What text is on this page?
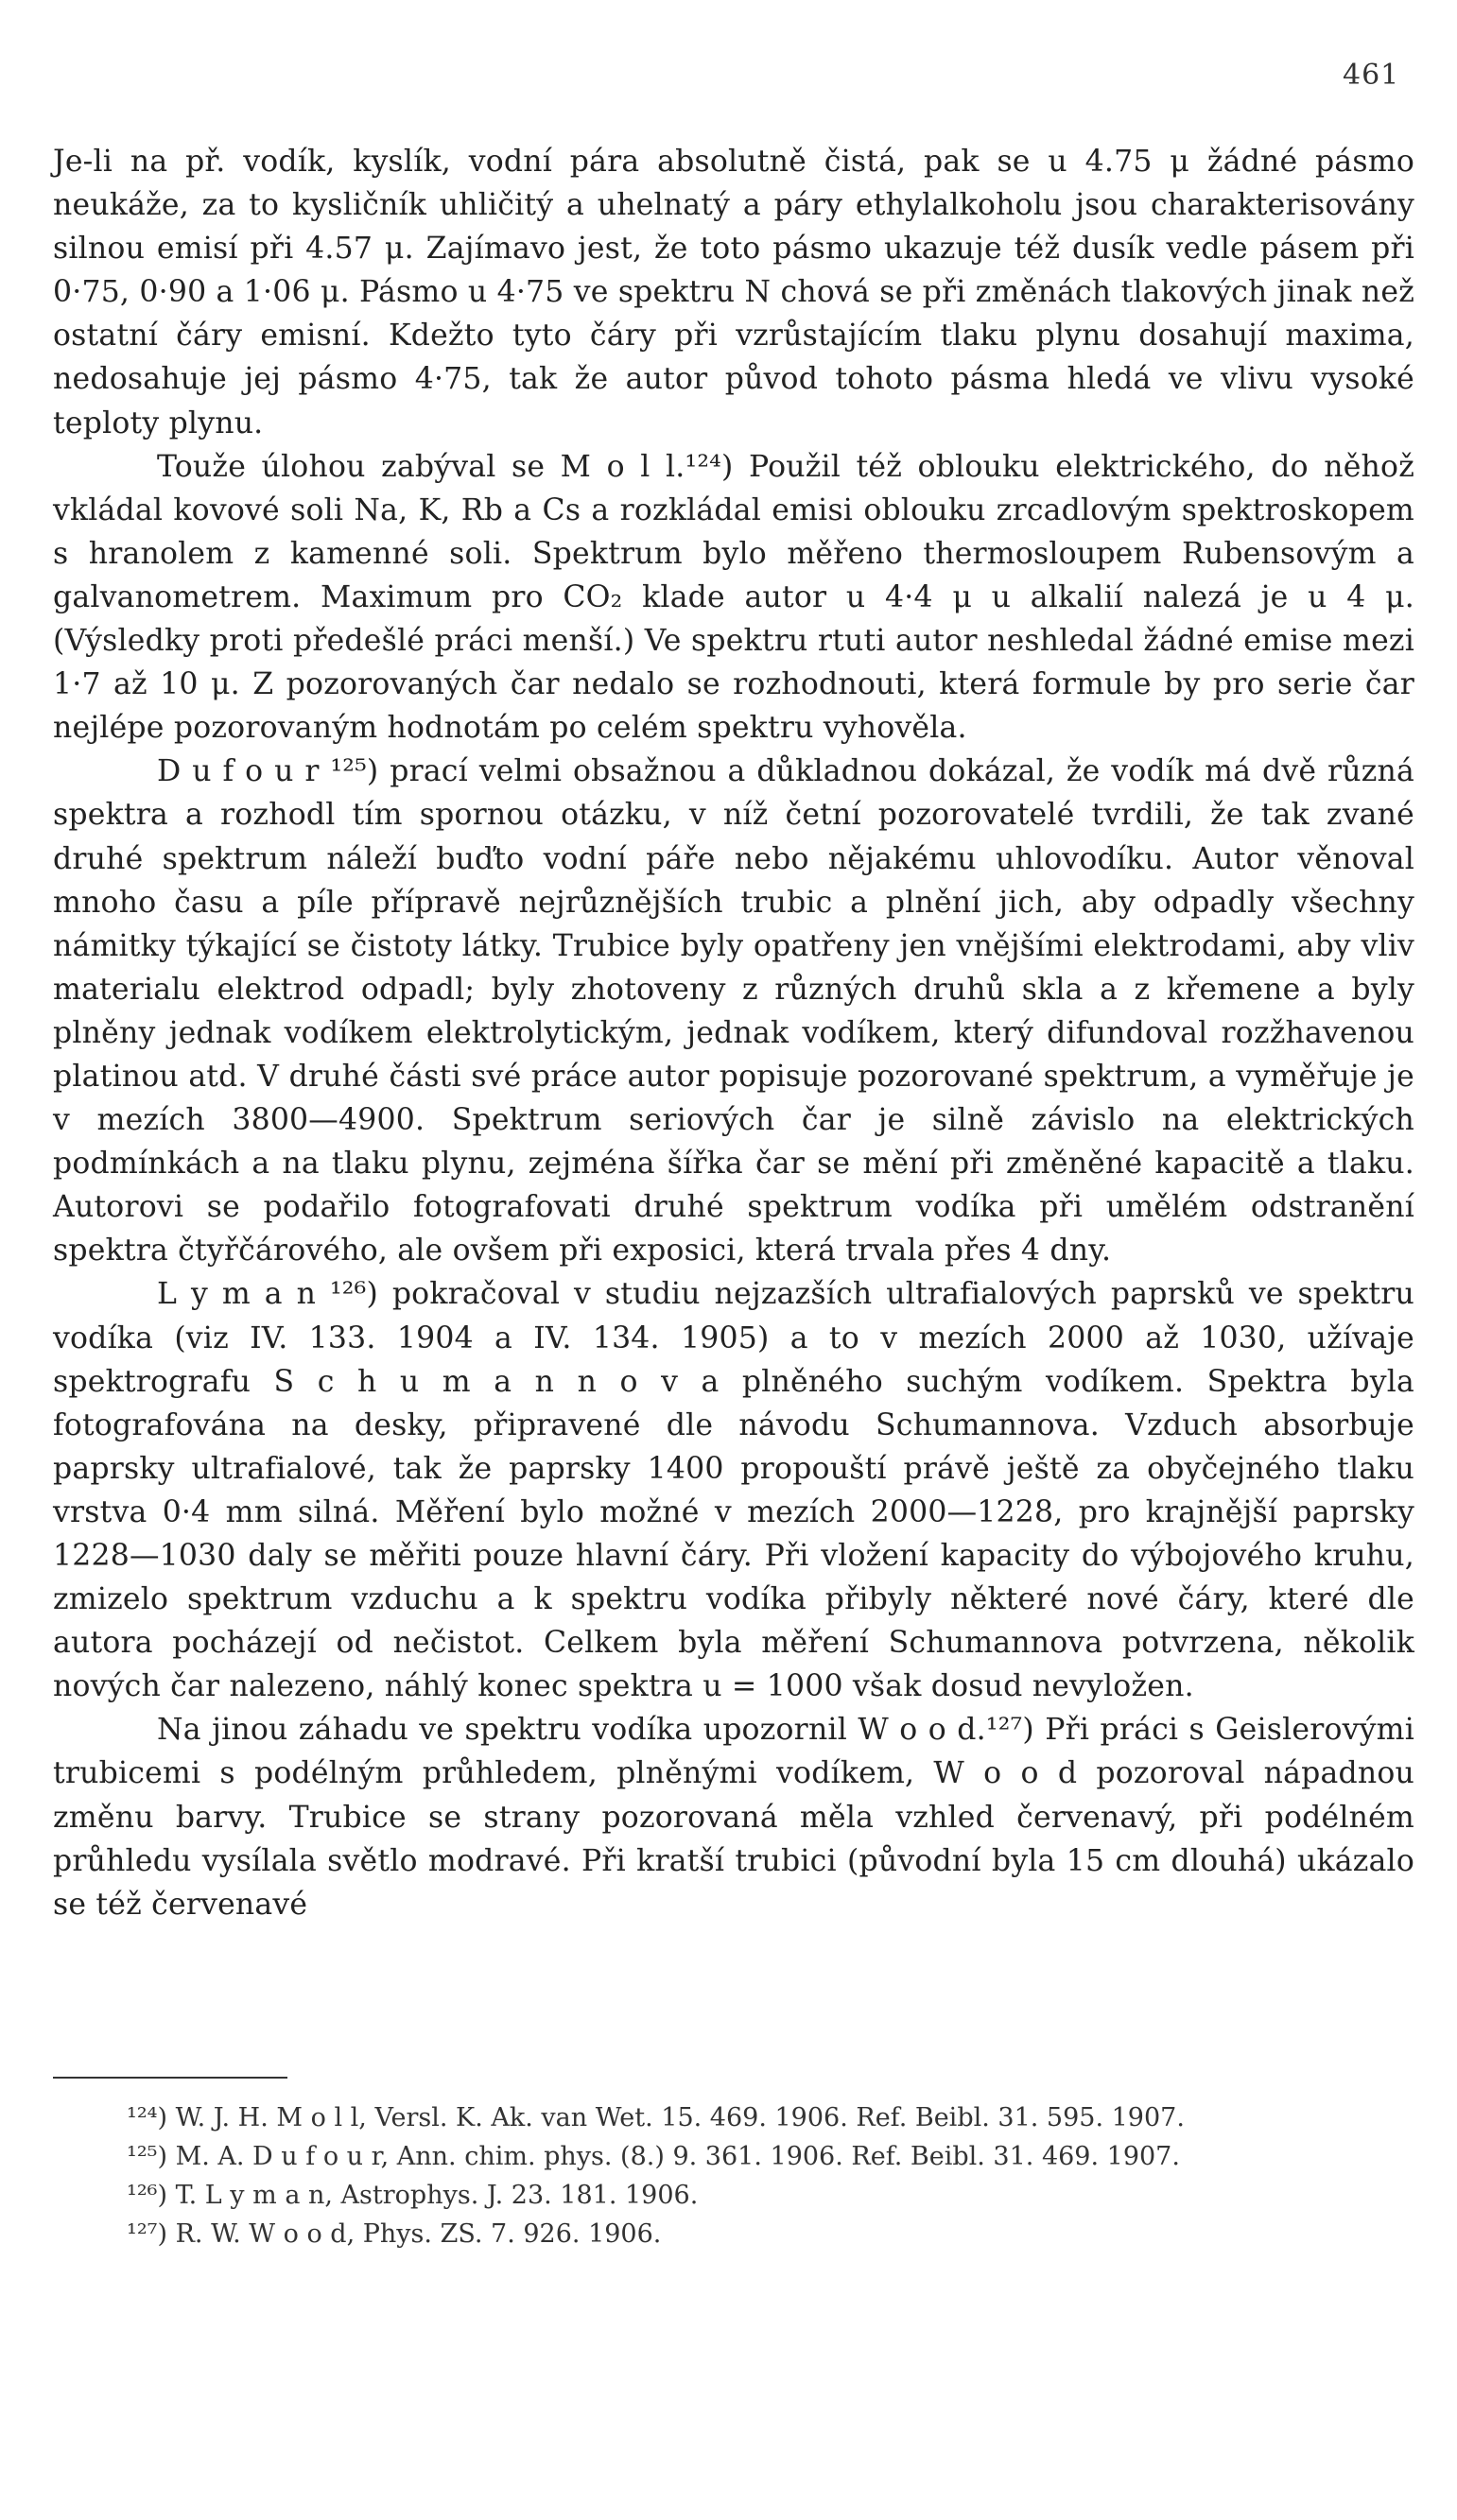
461

Je-li na př. vodík, kyslík, vodní pára absolutně čistá, pak se u 4.75 μ žádné pásmo neukáže, za to kysličník uhličitý a uhelnatý a páry ethylalkoholu jsou charakterisovány silnou emisí při 4.57 μ. Zajímavo jest, že toto pásmo ukazuje též dusík vedle pásem při 0·75, 0·90 a 1·06 μ. Pásmo u 4·75 ve spektru N chová se při změnách tlakových jinak než ostatní čáry emisní. Kdežto tyto čáry při vzrůstajícím tlaku plynu dosahují maxima, nedosahuje jej pásmo 4·75, tak že autor původ tohoto pásma hledá ve vlivu vysoké teploty plynu.

Touže úlohou zabýval se M o l l.¹²⁴) Použil též oblouku elektrického, do něhož vkládal kovové soli Na, K, Rb a Cs a rozkládal emisi oblouku zrcadlovým spektroskopem s hranolem z kamenné soli. Spektrum bylo měřeno thermosloupem Rubensovým a galvanometrem. Maximum pro CO₂ klade autor u 4·4 μ u alkalií nalezá je u 4 μ. (Výsledky proti předešlé práci menší.) Ve spektru rtuti autor neshledal žádné emise mezi 1·7 až 10 μ. Z pozorovaných čar nedalo se rozhodnouti, která formule by pro serie čar nejlépe pozorovaným hodnotám po celém spektru vyhověla.

D u f o u r ¹²⁵) prací velmi obsažnou a důkladnou dokázal, že vodík má dvě různá spektra a rozhodl tím spornou otázku, v níž četní pozorovatelé tvrdili, že tak zvané druhé spektrum náleží buďto vodní páře nebo nějakému uhlovodíku. Autor věnoval mnoho času a píle přípravě nejrůznějších trubic a plnění jich, aby odpadly všechny námitky týkající se čistoty látky. Trubice byly opatřeny jen vnějšími elektrodami, aby vliv materialu elektrod odpadl; byly zhotoveny z různých druhů skla a z křemene a byly plněny jednak vodíkem elektrolytickým, jednak vodíkem, který difundoval rozžhavenou platinou atd. V druhé části své práce autor popisuje pozorované spektrum, a vyměřuje je v mezích 3800—4900. Spektrum seriových čar je silně závislo na elektrických podmínkách a na tlaku plynu, zejména šířka čar se mění při změněné kapacitě a tlaku. Autorovi se podařilo fotografovati druhé spektrum vodíka při umělém odstranění spektra čtyřčárového, ale ovšem při exposici, která trvala přes 4 dny.

L y m a n ¹²⁶) pokračoval v studiu nejzazších ultrafialových paprsků ve spektru vodíka (viz IV. 133. 1904 a IV. 134. 1905) a to v mezích 2000 až 1030, užívaje spektrografu S c h u m a n n o v a plněného suchým vodíkem. Spektra byla fotografována na desky, připravené dle návodu Schumannova. Vzduch absorbuje paprsky ultrafialové, tak že paprsky 1400 propouští právě ještě za obyčejného tlaku vrstva 0·4 mm silná. Měření bylo možné v mezích 2000—1228, pro krajnější paprsky 1228—1030 daly se měřiti pouze hlavní čáry. Při vložení kapacity do výbojového kruhu, zmizelo spektrum vzduchu a k spektru vodíka přibyly některé nové čáry, které dle autora pocházejí od nečistot. Celkem byla měření Schumannova potvrzena, několik nových čar nalezeno, náhlý konec spektra u = 1000 však dosud nevyložen.

Na jinou záhadu ve spektru vodíka upozornil W o o d.¹²⁷) Při práci s Geislerovými trubicemi s podélným průhledem, plněnými vodíkem, W o o d pozoroval nápadnou změnu barvy. Trubice se strany pozorovaná měla vzhled červenavý, při podélném průhledu vysílala světlo modravé. Při kratší trubici (původní byla 15 cm dlouhá) ukázalo se též červenavé

¹²⁴) W. J. H. M o l l, Versl. K. Ak. van Wet. 15. 469. 1906. Ref. Beibl. 31. 595. 1907.

¹²⁵) M. A. D u f o u r, Ann. chim. phys. (8.) 9. 361. 1906. Ref. Beibl. 31. 469. 1907.

¹²⁶) T. L y m a n, Astrophys. J. 23. 181. 1906.

¹²⁷) R. W. W o o d, Phys. ZS. 7. 926. 1906.
